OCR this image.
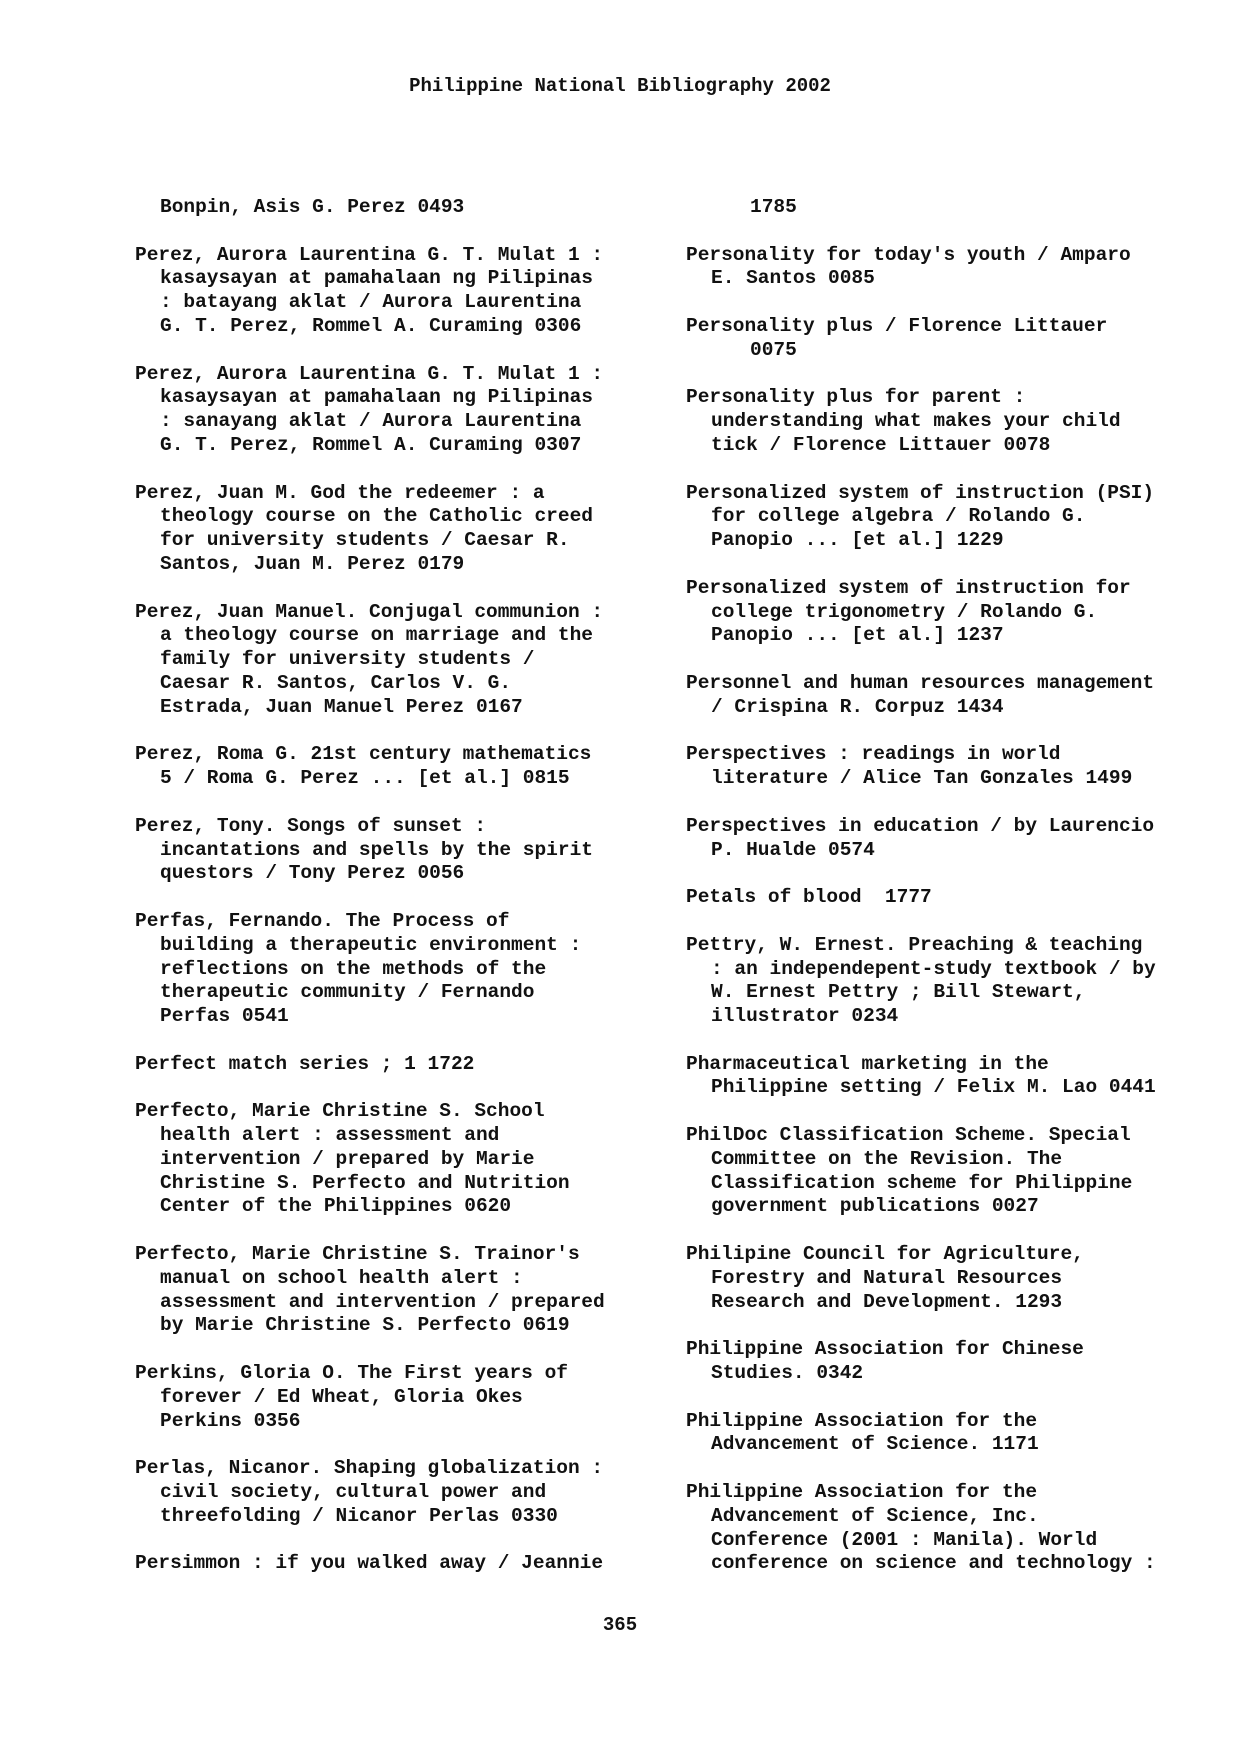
Philippine National Bibliography 2002
Bonpin, Asis G. Perez 0493
Perez, Aurora Laurentina G. T. Mulat 1 :
kasaysayan at pamahalaan ng Pilipinas
: batayang aklat / Aurora Laurentina
G. T. Perez, Rommel A. Curaming 0306
Perez, Aurora Laurentina G. T. Mulat 1 :
kasaysayan at pamahalaan ng Pilipinas
: sanayang aklat / Aurora Laurentina
G. T. Perez, Rommel A. Curaming 0307
Perez, Juan M. God the redeemer : a
theology course on the Catholic creed
for university students / Caesar R.
Santos, Juan M. Perez 0179
Perez, Juan Manuel. Conjugal communion :
a theology course on marriage and the
family for university students /
Caesar R. Santos, Carlos V. G.
Estrada, Juan Manuel Perez 0167
Perez, Roma G. 21st century mathematics
5 / Roma G. Perez ... [et al.] 0815
Perez, Tony. Songs of sunset :
incantations and spells by the spirit
questors / Tony Perez 0056
Perfas, Fernando. The Process of
building a therapeutic environment :
reflections on the methods of the
therapeutic community / Fernando
Perfas 0541
Perfect match series ; 1 1722
Perfecto, Marie Christine S. School
health alert : assessment and
intervention / prepared by Marie
Christine S. Perfecto and Nutrition
Center of the Philippines 0620
Perfecto, Marie Christine S. Trainor's
manual on school health alert :
assessment and intervention / prepared
by Marie Christine S. Perfecto 0619
Perkins, Gloria O. The First years of
forever / Ed Wheat, Gloria Okes
Perkins 0356
Perlas, Nicanor. Shaping globalization :
civil society, cultural power and
threefolding / Nicanor Perlas 0330
Persimmon : if you walked away / Jeannie
1785
Personality for today's youth / Amparo
E. Santos 0085
Personality plus / Florence Littauer
0075
Personality plus for parent :
understanding what makes your child
tick / Florence Littauer 0078
Personalized system of instruction (PSI)
for college algebra / Rolando G.
Panopio ... [et al.] 1229
Personalized system of instruction for
college trigonometry / Rolando G.
Panopio ... [et al.] 1237
Personnel and human resources management
/ Crispina R. Corpuz 1434
Perspectives : readings in world
literature / Alice Tan Gonzales 1499
Perspectives in education / by Laurencio
P. Hualde 0574
Petals of blood  1777
Pettry, W. Ernest. Preaching & teaching
: an independepent-study textbook / by
W. Ernest Pettry ; Bill Stewart,
illustrator 0234
Pharmaceutical marketing in the
Philippine setting / Felix M. Lao 0441
PhilDoc Classification Scheme. Special
Committee on the Revision. The
Classification scheme for Philippine
government publications 0027
Philipine Council for Agriculture,
Forestry and Natural Resources
Research and Development. 1293
Philippine Association for Chinese
Studies. 0342
Philippine Association for the
Advancement of Science. 1171
Philippine Association for the
Advancement of Science, Inc.
Conference (2001 : Manila). World
conference on science and technology :
365
